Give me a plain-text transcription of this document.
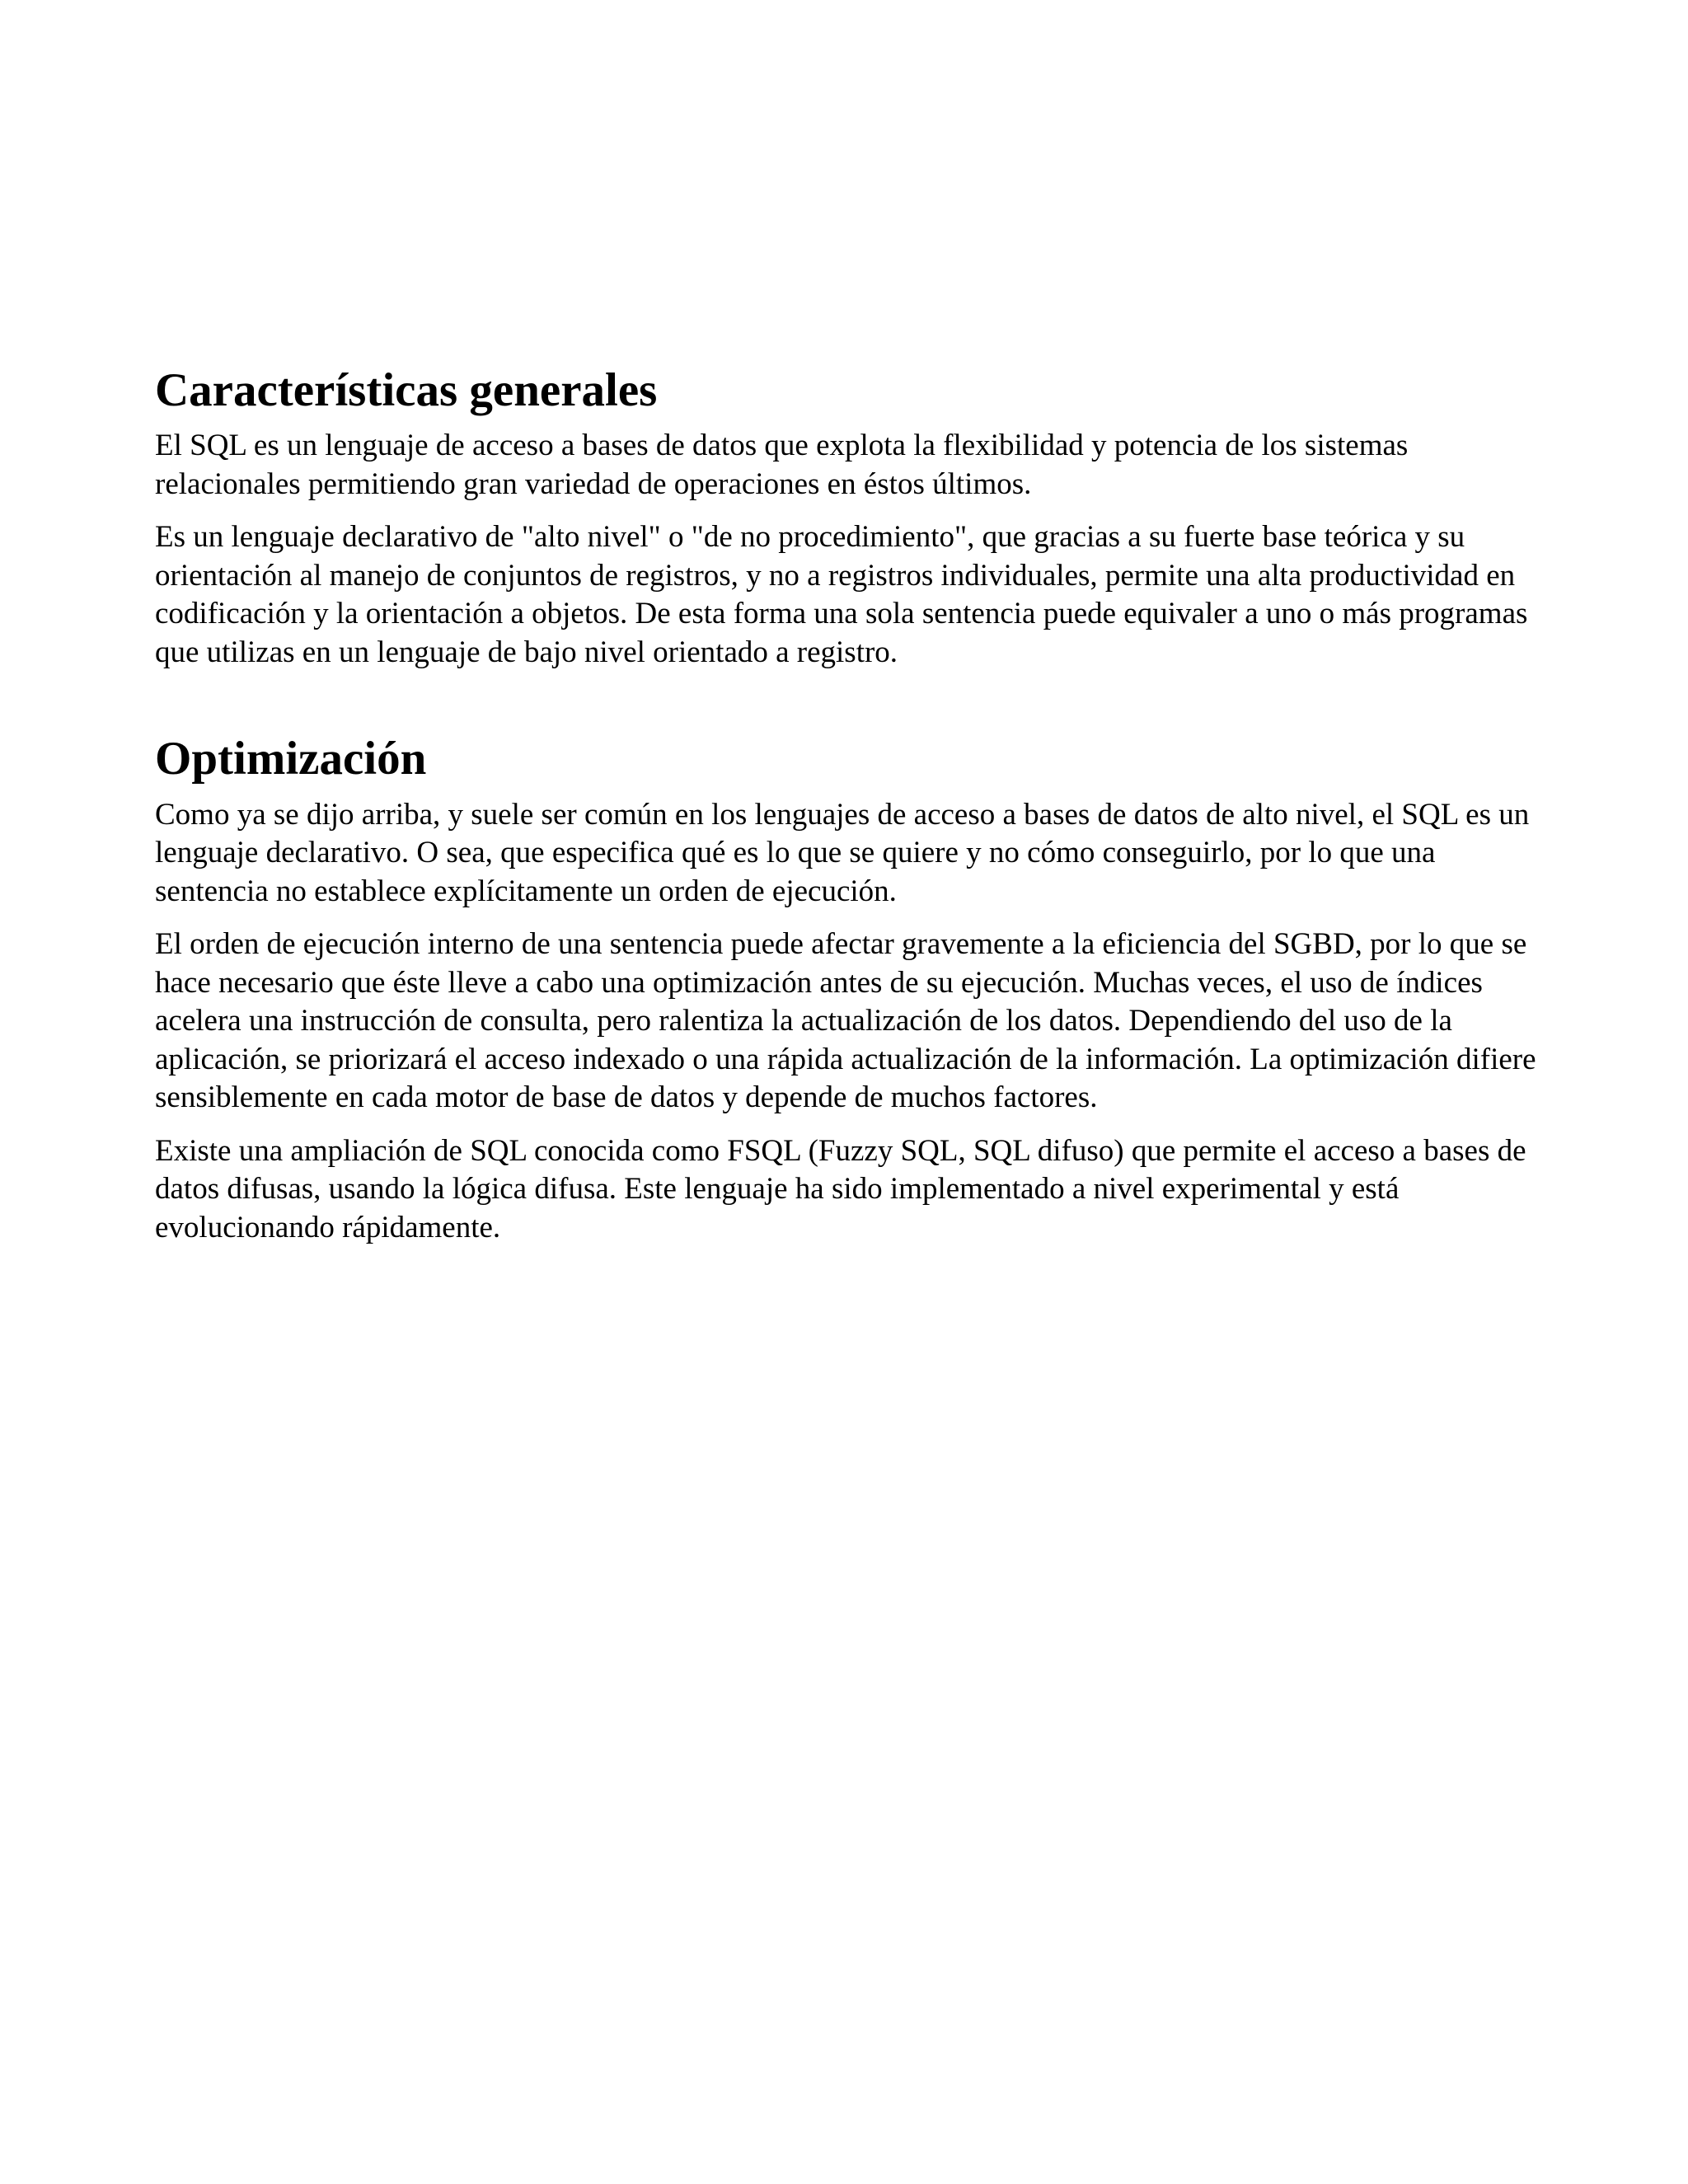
Características generales

El SQL es un lenguaje de acceso a bases de datos que explota la flexibilidad y potencia de los sistemas relacionales permitiendo gran variedad de operaciones en éstos últimos.

Es un lenguaje declarativo de "alto nivel" o "de no procedimiento", que gracias a su fuerte base teórica y su orientación al manejo de conjuntos de registros, y no a registros individuales, permite una alta productividad en codificación y la orientación a objetos. De esta forma una sola sentencia puede equivaler a uno o más programas que utilizas en un lenguaje de bajo nivel orientado a registro.

Optimización

Como ya se dijo arriba, y suele ser común en los lenguajes de acceso a bases de datos de alto nivel, el SQL es un lenguaje declarativo. O sea, que especifica qué es lo que se quiere y no cómo conseguirlo, por lo que una sentencia no establece explícitamente un orden de ejecución.

El orden de ejecución interno de una sentencia puede afectar gravemente a la eficiencia del SGBD, por lo que se hace necesario que éste lleve a cabo una optimización antes de su ejecución. Muchas veces, el uso de índices acelera una instrucción de consulta, pero ralentiza la actualización de los datos. Dependiendo del uso de la aplicación, se priorizará el acceso indexado o una rápida actualización de la información. La optimización difiere sensiblemente en cada motor de base de datos y depende de muchos factores.

Existe una ampliación de SQL conocida como FSQL (Fuzzy SQL, SQL difuso) que permite el acceso a bases de datos difusas, usando la lógica difusa. Este lenguaje ha sido implementado a nivel experimental y está evolucionando rápidamente.
